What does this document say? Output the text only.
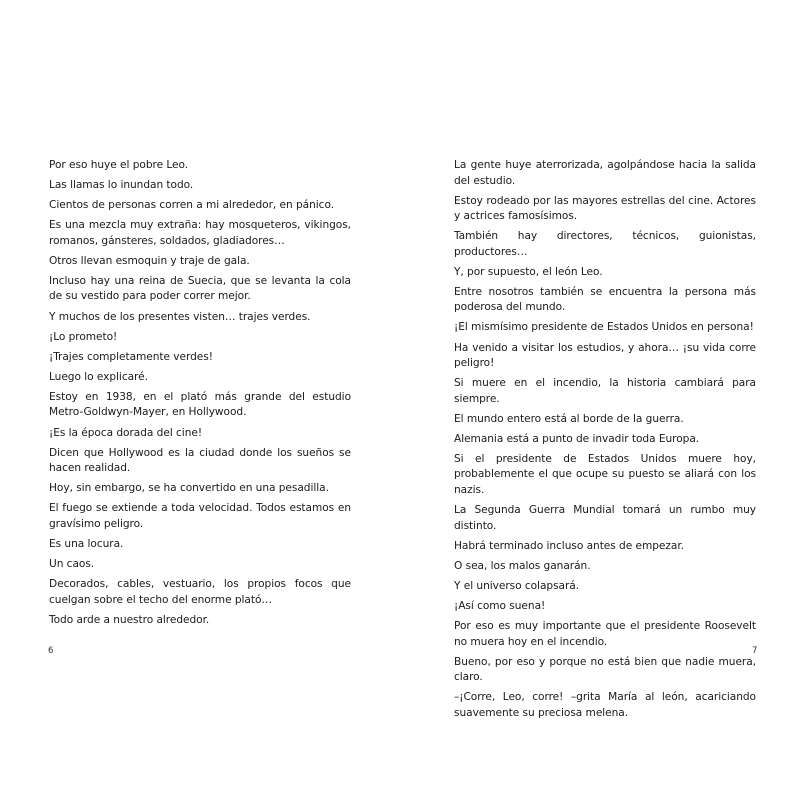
Por eso huye el pobre Leo.

Las llamas lo inundan todo.

Cientos de personas corren a mi alrededor, en pánico.

Es una mezcla muy extraña: hay mosqueteros, vikingos, romanos, gánsteres, soldados, gladiadores…

Otros llevan esmoquin y traje de gala.

Incluso hay una reina de Suecia, que se levanta la cola de su vestido para poder correr mejor.

Y muchos de los presentes visten… trajes verdes.

¡Lo prometo!

¡Trajes completamente verdes!

Luego lo explicaré.

Estoy en 1938, en el plató más grande del estudio Metro-Goldwyn-Mayer, en Hollywood.

¡Es la época dorada del cine!

Dicen que Hollywood es la ciudad donde los sueños se hacen realidad.

Hoy, sin embargo, se ha convertido en una pesadilla.

El fuego se extiende a toda velocidad. Todos estamos en gravísimo peligro.

Es una locura.

Un caos.

Decorados, cables, vestuario, los propios focos que cuelgan sobre el techo del enorme plató…

Todo arde a nuestro alrededor.

La gente huye aterrorizada, agolpándose hacia la salida del estudio.

Estoy rodeado por las mayores estrellas del cine. Actores y actrices famosísimos.

También hay directores, técnicos, guionistas, productores…

Y, por supuesto, el león Leo.

Entre nosotros también se encuentra la persona más poderosa del mundo.

¡El mismísimo presidente de Estados Unidos en persona!

Ha venido a visitar los estudios, y ahora… ¡su vida corre peligro!

Si muere en el incendio, la historia cambiará para siempre.

El mundo entero está al borde de la guerra.

Alemania está a punto de invadir toda Europa.

Si el presidente de Estados Unidos muere hoy, probablemente el que ocupe su puesto se aliará con los nazis.

La Segunda Guerra Mundial tomará un rumbo muy distinto.

Habrá terminado incluso antes de empezar.

O sea, los malos ganarán.

Y el universo colapsará.

¡Así como suena!

Por eso es muy importante que el presidente Roosevelt no muera hoy en el incendio.

Bueno, por eso y porque no está bien que nadie muera, claro.

–¡Corre, Leo, corre! –grita María al león, acariciando suavemente su preciosa melena.

6	7
